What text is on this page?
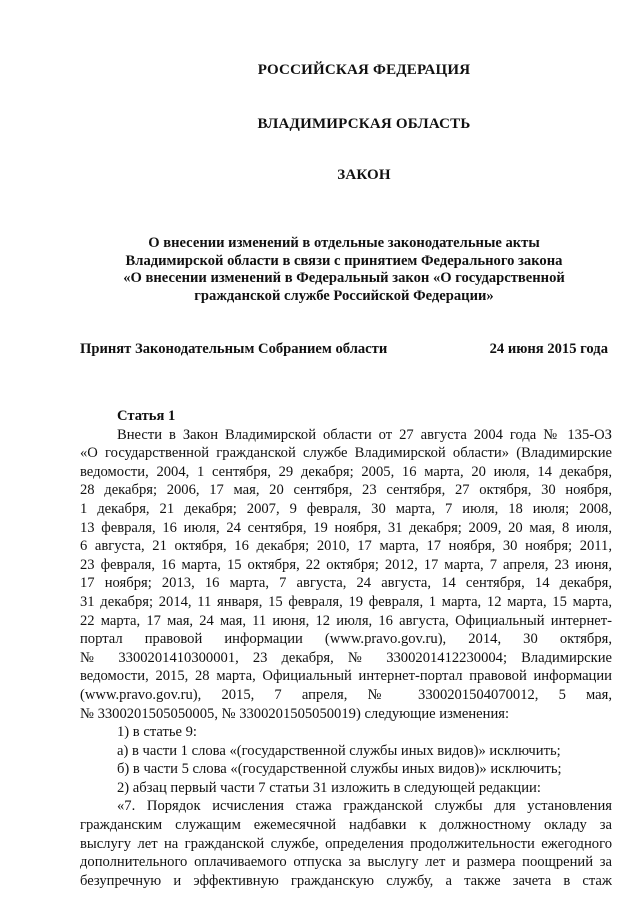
РОССИЙСКАЯ ФЕДЕРАЦИЯ
ВЛАДИМИРСКАЯ ОБЛАСТЬ
ЗАКОН
О внесении изменений в отдельные законодательные акты
Владимирской области в связи с принятием Федерального закона
«О внесении изменений в Федеральный закон «О государственной
гражданской службе Российской Федерации»
Принят Законодательным Собранием области	24 июня 2015 года
Статья 1
Внести в Закон Владимирской области от 27 августа 2004 года № 135-ОЗ
«О государственной гражданской службе Владимирской области» (Владимирские
ведомости, 2004, 1 сентября, 29 декабря; 2005, 16 марта, 20 июля, 14 декабря,
28 декабря; 2006, 17 мая, 20 сентября, 23 сентября, 27 октября, 30 ноября,
1 декабря, 21 декабря; 2007, 9 февраля, 30 марта, 7 июля, 18 июля; 2008,
13 февраля, 16 июля, 24 сентября, 19 ноября, 31 декабря; 2009, 20 мая, 8 июля,
6 августа, 21 октября, 16 декабря; 2010, 17 марта, 17 ноября, 30 ноября; 2011,
23 февраля, 16 марта, 15 октября, 22 октября; 2012, 17 марта, 7 апреля, 23 июня,
17 ноября; 2013, 16 марта, 7 августа, 24 августа, 14 сентября, 14 декабря,
31 декабря; 2014, 11 января, 15 февраля, 19 февраля, 1 марта, 12 марта, 15 марта,
22 марта, 17 мая, 24 мая, 11 июня, 12 июля, 16 августа, Официальный интернет-
портал правовой информации (www.pravo.gov.ru), 2014, 30 октября,
№ 3300201410300001, 23 декабря, № 3300201412230004; Владимирские
ведомости, 2015, 28 марта, Официальный интернет-портал правовой информации
(www.pravo.gov.ru), 2015, 7 апреля, № 3300201504070012, 5 мая,
№ 3300201505050005, № 3300201505050019) следующие изменения:
1) в статье 9:
а) в части 1 слова «(государственной службы иных видов)» исключить;
б) в части 5 слова «(государственной службы иных видов)» исключить;
2) абзац первый части 7 статьи 31 изложить в следующей редакции:
«7. Порядок исчисления стажа гражданской службы для установления
гражданским служащим ежемесячной надбавки к должностному окладу за
выслугу лет на гражданской службе, определения продолжительности ежегодного
дополнительного оплачиваемого отпуска за выслугу лет и размера поощрений за
безупречную и эффективную гражданскую службу, а также зачета в стаж
